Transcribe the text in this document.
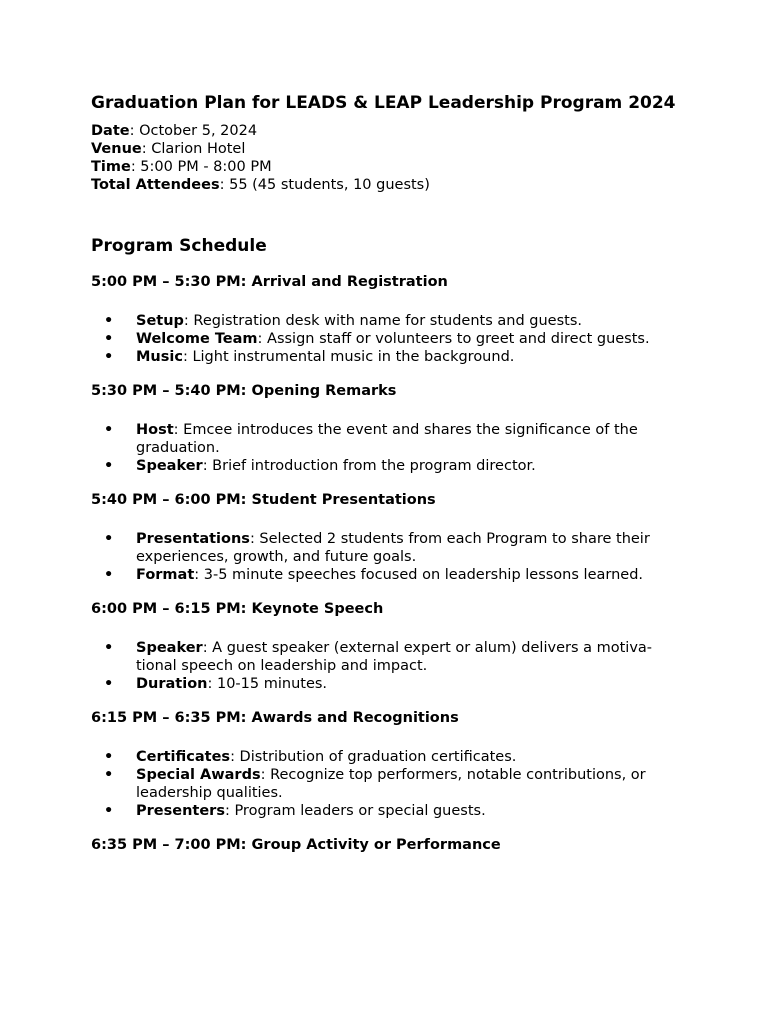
Graduation Plan for LEADS & LEAP Leadership Program 2024
Date: October 5, 2024
Venue: Clarion Hotel
Time: 5:00 PM - 8:00 PM
Total Attendees: 55 (45 students, 10 guests)
Program Schedule
5:00 PM – 5:30 PM: Arrival and Registration
• Setup: Registration desk with name for students and guests.
• Welcome Team: Assign staff or volunteers to greet and direct guests.
• Music: Light instrumental music in the background.
5:30 PM – 5:40 PM: Opening Remarks
• Host: Emcee introduces the event and shares the significance of the graduation.
• Speaker: Brief introduction from the program director.
5:40 PM – 6:00 PM: Student Presentations
• Presentations: Selected 2 students from each Program to share their experiences, growth, and future goals.
• Format: 3-5 minute speeches focused on leadership lessons learned.
6:00 PM – 6:15 PM: Keynote Speech
• Speaker: A guest speaker (external expert or alum) delivers a motiva-tional speech on leadership and impact.
• Duration: 10-15 minutes.
6:15 PM – 6:35 PM: Awards and Recognitions
• Certificates: Distribution of graduation certificates.
• Special Awards: Recognize top performers, notable contributions, or leadership qualities.
• Presenters: Program leaders or special guests.
6:35 PM – 7:00 PM: Group Activity or Performance
